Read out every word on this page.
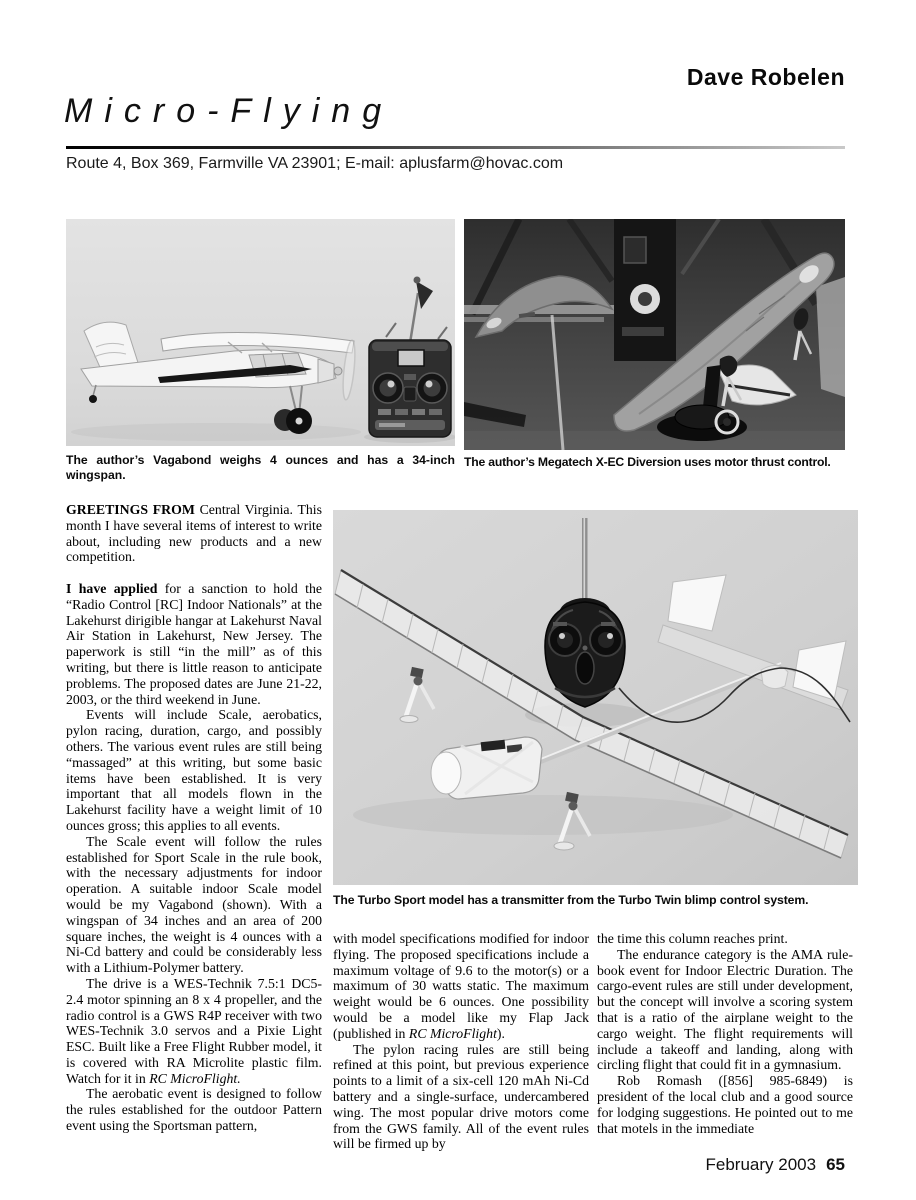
Dave Robelen
Micro-Flying
Route 4, Box 369, Farmville VA 23901; E-mail: aplusfarm@hovac.com
The author’s Vagabond weighs 4 ounces and has a 34-inch wingspan.
The author’s Megatech X-EC Diversion uses motor thrust control.
The Turbo Sport model has a transmitter from the Turbo Twin blimp control system.

GREETINGS FROM Central Virginia. This month I have several items of interest to write about, including new products and a new competition.

I have applied for a sanction to hold the “Radio Control [RC] Indoor Nationals” at the Lakehurst dirigible hangar at Lakehurst Naval Air Station in Lakehurst, New Jersey. The paperwork is still “in the mill” as of this writing, but there is little reason to anticipate problems. The proposed dates are June 21-22, 2003, or the third weekend in June.

Events will include Scale, aerobatics, pylon racing, duration, cargo, and possibly others. The various event rules are still being “massaged” at this writing, but some basic items have been established. It is very important that all models flown in the Lakehurst facility have a weight limit of 10 ounces gross; this applies to all events.

The Scale event will follow the rules established for Sport Scale in the rule book, with the necessary adjustments for indoor operation. A suitable indoor Scale model would be my Vagabond (shown). With a wingspan of 34 inches and an area of 200 square inches, the weight is 4 ounces with a Ni-Cd battery and could be considerably less with a Lithium-Polymer battery.

The drive is a WES-Technik 7.5:1 DC5-2.4 motor spinning an 8 x 4 propeller, and the radio control is a GWS R4P receiver with two WES-Technik 3.0 servos and a Pixie Light ESC. Built like a Free Flight Rubber model, it is covered with RA Microlite plastic film. Watch for it in RC MicroFlight.

The aerobatic event is designed to follow the rules established for the outdoor Pattern event using the Sportsman pattern,

with model specifications modified for indoor flying. The proposed specifications include a maximum voltage of 9.6 to the motor(s) or a maximum of 30 watts static. The maximum weight would be 6 ounces. One possibility would be a model like my Flap Jack (published in RC MicroFlight).

The pylon racing rules are still being refined at this point, but previous experience points to a limit of a six-cell 120 mAh Ni-Cd battery and a single-surface, undercambered wing. The most popular drive motors come from the GWS family. All of the event rules will be firmed up by

the time this column reaches print.

The endurance category is the AMA rule-book event for Indoor Electric Duration. The cargo-event rules are still under development, but the concept will involve a scoring system that is a ratio of the airplane weight to the cargo weight. The flight requirements will include a takeoff and landing, along with circling flight that could fit in a gymnasium.

Rob Romash ([856] 985-6849) is president of the local club and a good source for lodging suggestions. He pointed out to me that motels in the immediate

February 2003 65
